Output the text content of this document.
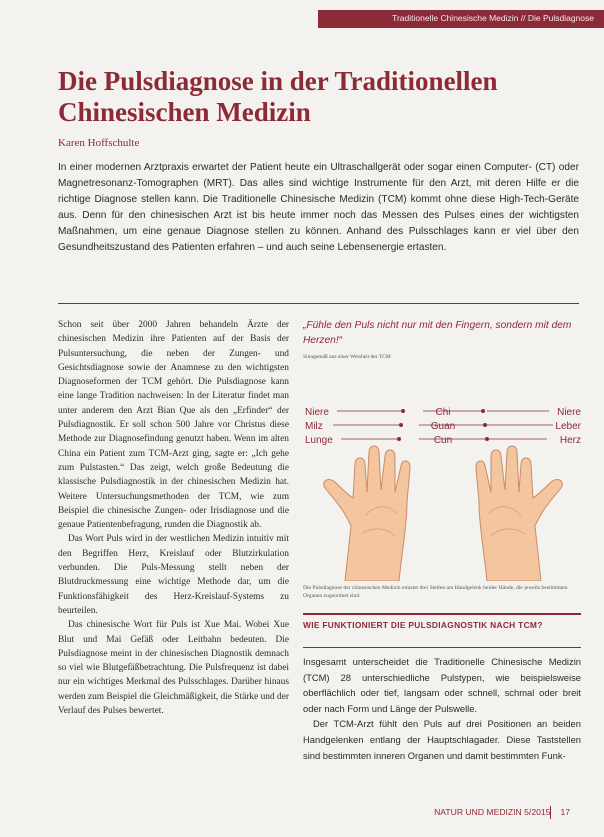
Traditionelle Chinesische Medizin // Die Pulsdiagnose
Die Pulsdiagnose in der Traditionellen Chinesischen Medizin
Karen Hoffschulte
In einer modernen Arztpraxis erwartet der Patient heute ein Ultraschallgerät oder sogar einen Computer- (CT) oder Magnetresonanz-Tomographen (MRT). Das alles sind wichtige Instrumente für den Arzt, mit deren Hilfe er die richtige Diagnose stellen kann. Die Traditionelle Chinesische Medizin (TCM) kommt ohne diese High-Tech-Geräte aus. Denn für den chinesischen Arzt ist bis heute immer noch das Messen des Pulses eines der wichtigsten Maßnahmen, um eine genaue Diagnose stellen zu können. Anhand des Pulsschlages kann er viel über den Gesundheitszustand des Patienten erfahren – und auch seine Lebensenergie ertasten.

Schon seit über 2000 Jahren behandeln Ärzte der chinesischen Medizin ihre Patienten auf der Basis der Pulsuntersuchung, die neben der Zungen- und Gesichtsdiagnose sowie der Anamnese zu den wichtigsten Diagnoseformen der TCM gehört. Die Pulsdiagnose kann eine lange Tradition nachweisen: In der Literatur findet man unter anderem den Arzt Bian Que als den „Erfinder“ der Pulsdiagnostik. Er soll schon 500 Jahre vor Christus diese Methode zur Diagnosefindung genutzt haben. Wenn im alten China ein Patient zum TCM-Arzt ging, sagte er: „Ich gehe zum Pulstasten.“ Das zeigt, welch große Bedeutung die klassische Pulsdiagnostik in der chinesischen Medizin hat. Weitere Untersuchungsmethoden der TCM, wie zum Beispiel die chinesische Zungen- oder Irisdiagnose und die genaue Patientenbefragung, runden die Diagnostik ab.

Das Wort Puls wird in der westlichen Medizin intuitiv mit den Begriffen Herz, Kreislauf oder Blutzirkulation verbunden. Die Puls-Messung stellt neben der Blutdruckmessung eine wichtige Methode dar, um die Funktionsfähigkeit des Herz-Kreislauf-Systems zu beurteilen.

Das chinesische Wort für Puls ist Xue Mai. Wobei Xue Blut und Mai Gefäß oder Leitbahn bedeuten. Die Pulsdiagnose meint in der chinesischen Diagnostik demnach so viel wie Blutgefäßbetrachtung. Die Pulsfrequenz ist dabei nur ein wichtiges Merkmal des Pulsschlages. Darüber hinaus werden zum Beispiel die Gleichmäßigkeit, die Stärke und der Verlauf des Pulses bewertet.

„Fühle den Puls nicht nur mit den Fingern, sondern mit dem Herzen!“
Sinngemäß aus einer Weisheit der TCM
Niere
Milz
Lunge
Chi
Guan
Cun
Niere
Leber
Herz
Die Pulsdiagnose der chinesischen Medizin ertastet drei Stellen am Handgelenk beider Hände, die jeweils bestimmten Organen zugeordnet sind.
WIE FUNKTIONIERT DIE PULSDIAGNOSTIK NACH TCM?

Insgesamt unterscheidet die Traditionelle Chinesische Medizin (TCM) 28 unterschiedliche Pulstypen, wie beispielsweise oberflächlich oder tief, langsam oder schnell, schmal oder breit oder nach Form und Länge der Pulswelle.

Der TCM-Arzt fühlt den Puls auf drei Positionen an beiden Handgelenken entlang der Hauptschlagader. Diese Taststellen sind bestimmten inneren Organen und damit bestimmten Funk-

NATUR UND MEDIZIN 5/2015 17
